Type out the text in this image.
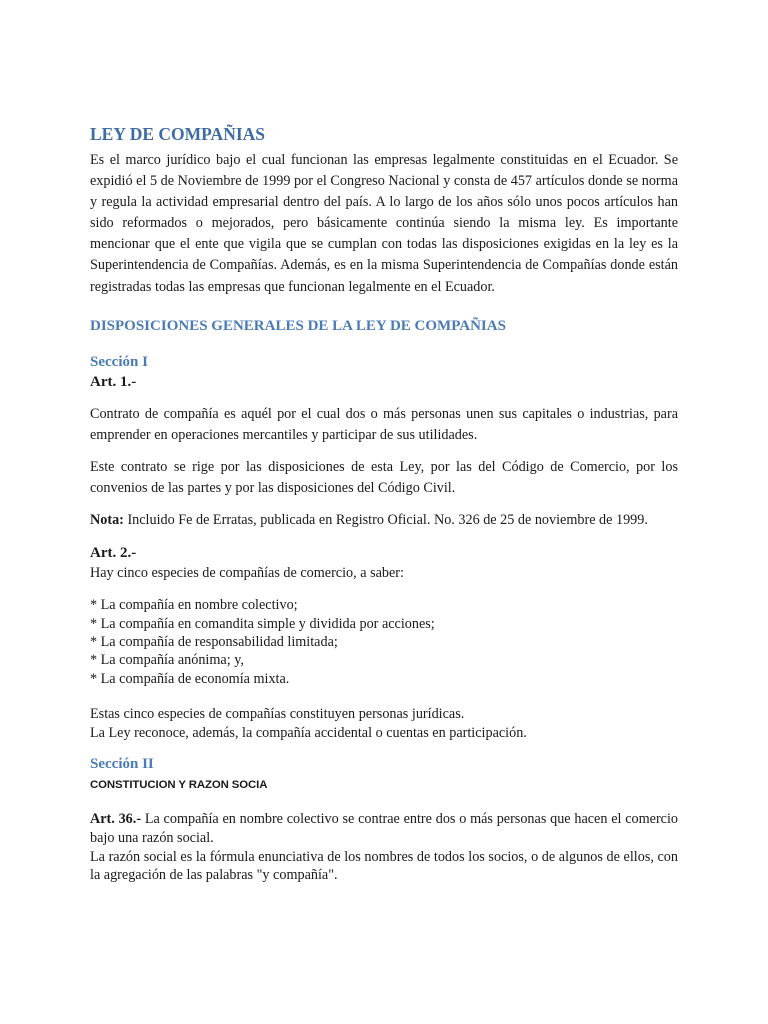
LEY DE COMPAÑIAS

Es el marco jurídico bajo el cual funcionan las empresas legalmente constituidas en el Ecuador. Se expidió el 5 de Noviembre de 1999 por el Congreso Nacional y consta de 457 artículos donde se norma y regula la actividad empresarial dentro del país. A lo largo de los años sólo unos pocos artículos han sido reformados o mejorados, pero básicamente continúa siendo la misma ley. Es importante mencionar que el ente que vigila que se cumplan con todas las disposiciones exigidas en la ley es la Superintendencia de Compañías. Además, es en la misma Superintendencia de Compañías donde están registradas todas las empresas que funcionan legalmente en el Ecuador.

DISPOSICIONES GENERALES DE LA LEY DE COMPAÑIAS
Sección I
Art. 1.-

Contrato de compañía es aquél por el cual dos o más personas unen sus capitales o industrias, para emprender en operaciones mercantiles y participar de sus utilidades.

Este contrato se rige por las disposiciones de esta Ley, por las del Código de Comercio, por los convenios de las partes y por las disposiciones del Código Civil.

Nota: Incluido Fe de Erratas, publicada en Registro Oficial. No. 326 de 25 de noviembre de 1999.

Art. 2.-

Hay cinco especies de compañías de comercio, a saber:

* La compañía en nombre colectivo;
* La compañía en comandita simple y dividida por acciones;
* La compañía de responsabilidad limitada;
* La compañía anónima; y,
* La compañía de economía mixta.

Estas cinco especies de compañías constituyen personas jurídicas.

La Ley reconoce, además, la compañía accidental o cuentas en participación.

Sección II
CONSTITUCION Y RAZON SOCIA

Art. 36.- La compañía en nombre colectivo se contrae entre dos o más personas que hacen el comercio bajo una razón social.

La razón social es la fórmula enunciativa de los nombres de todos los socios, o de algunos de ellos, con la agregación de las palabras "y compañía".
